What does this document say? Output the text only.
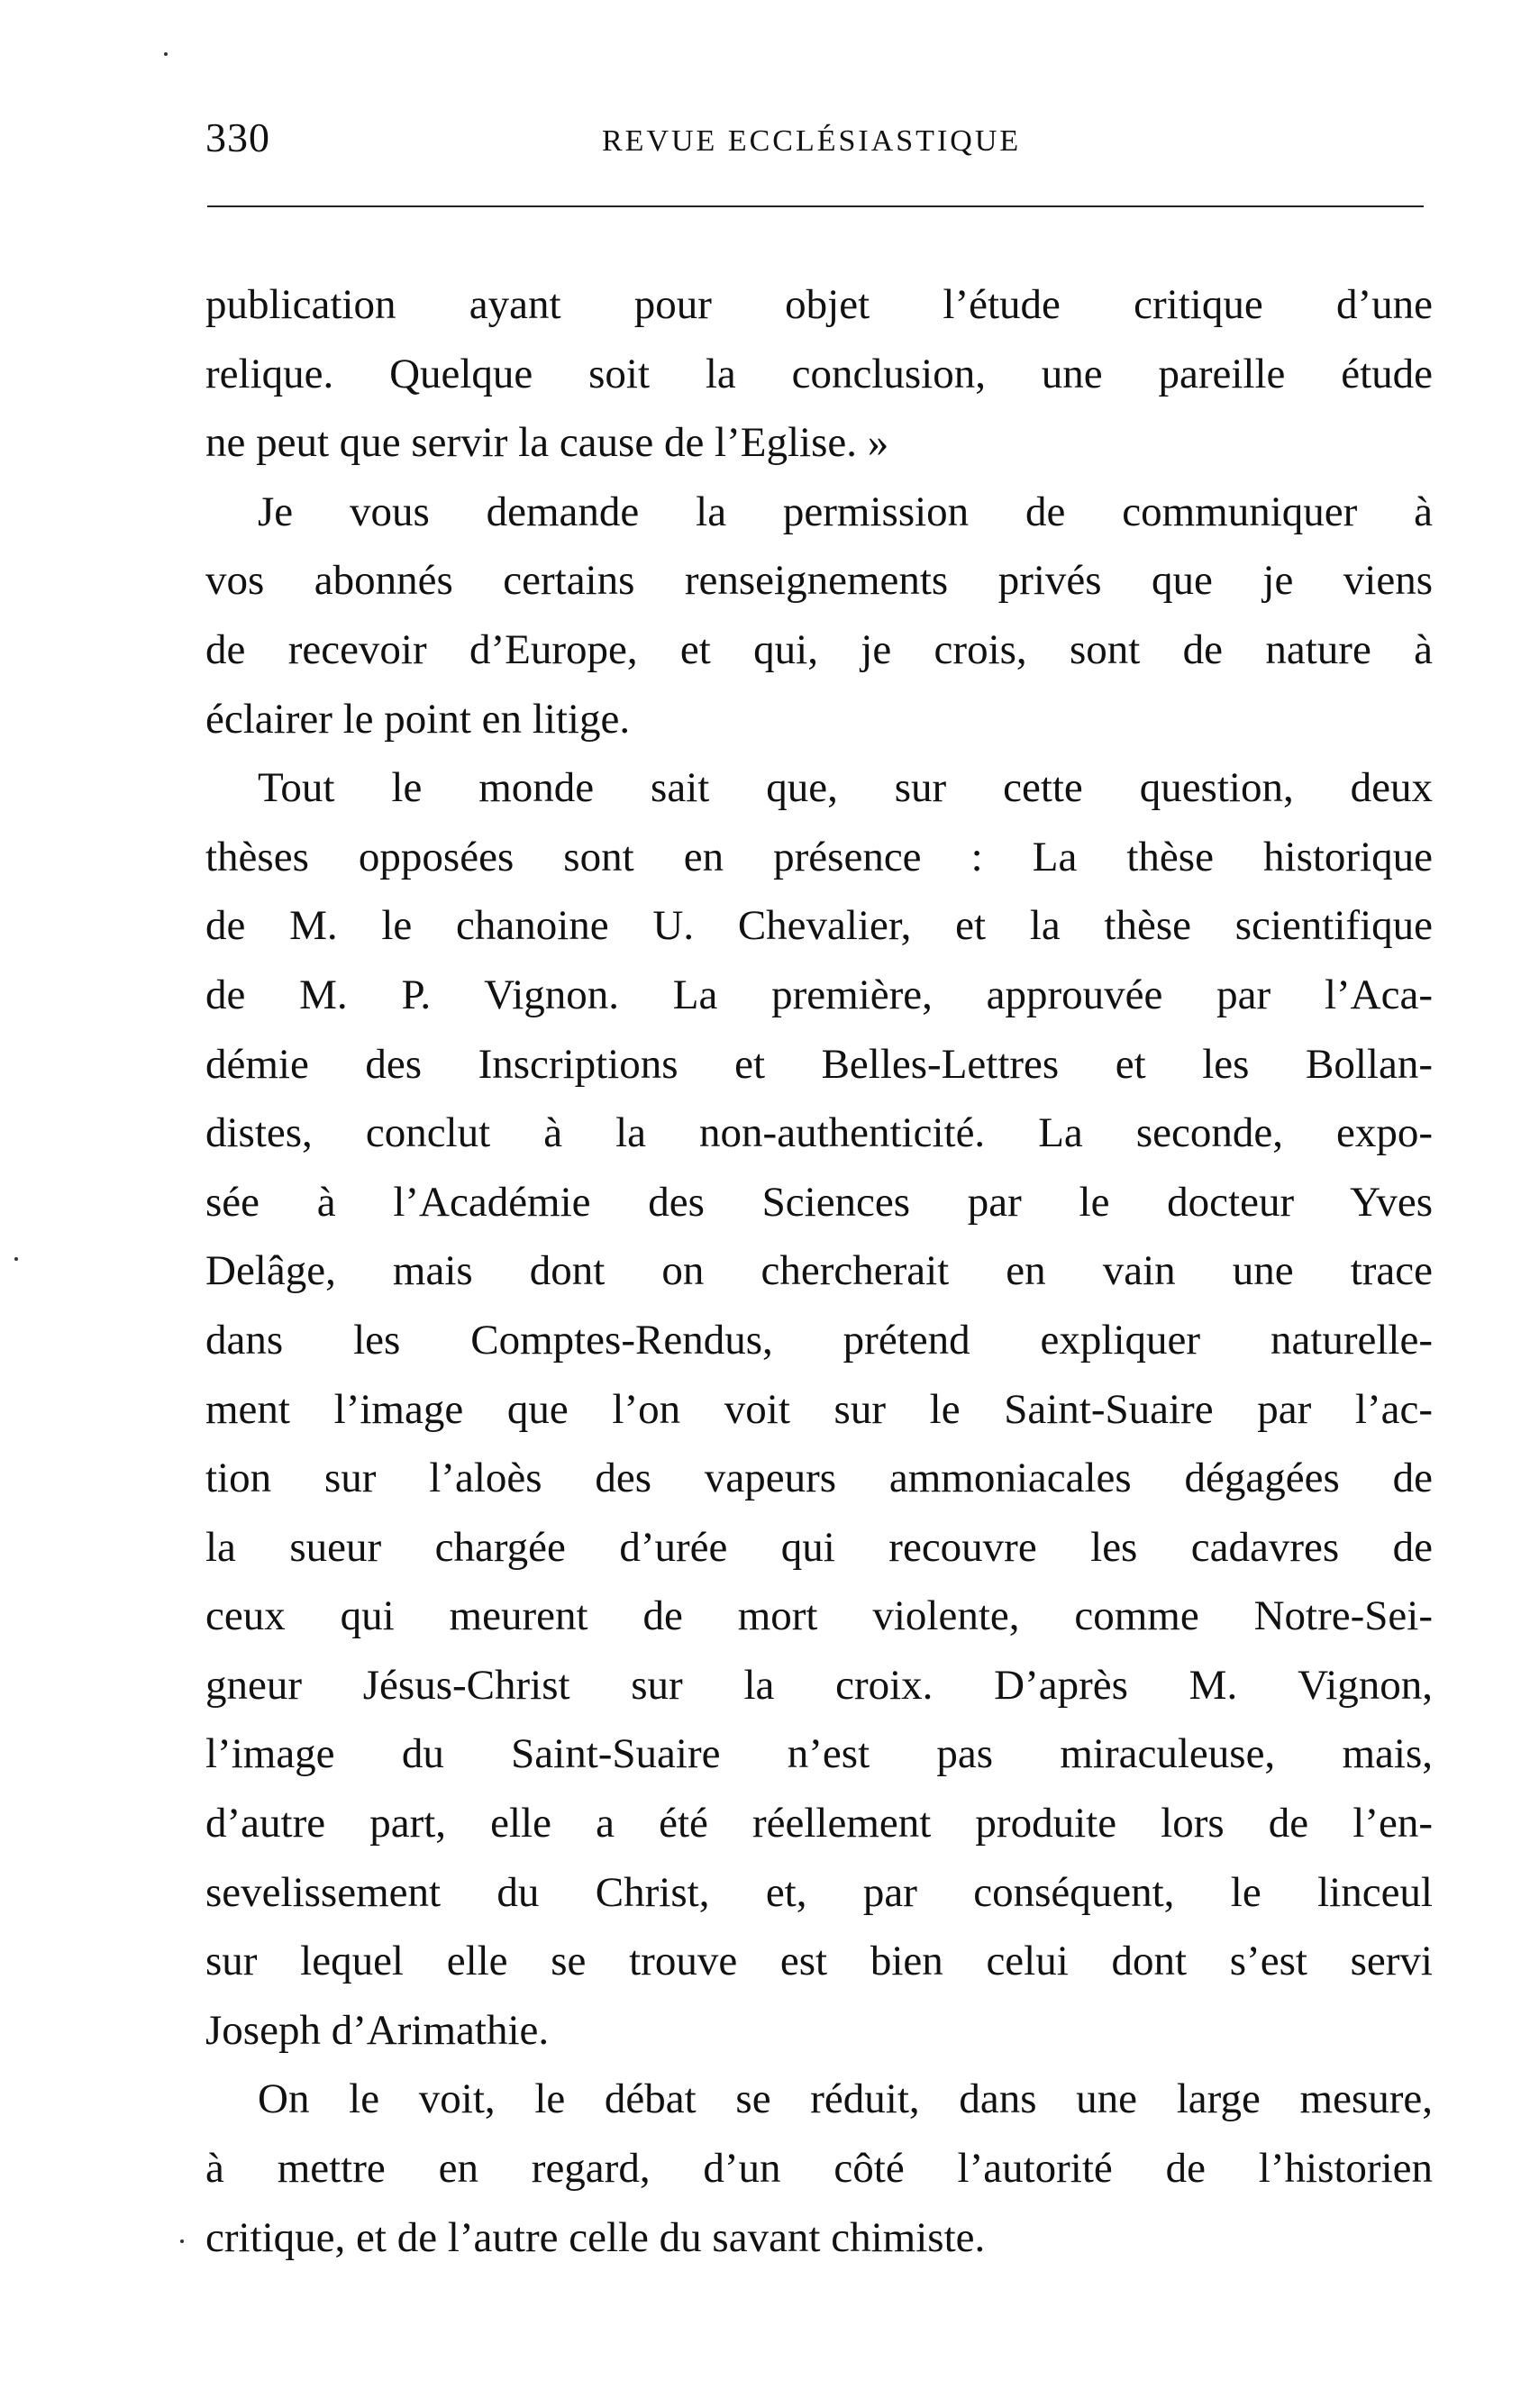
330	REVUE ECCLÉSIASTIQUE
publication ayant pour objet l’étude critique d’une
relique. Quelque soit la conclusion, une pareille étude
ne peut que servir la cause de l’Eglise. »
Je vous demande la permission de communiquer à
vos abonnés certains renseignements privés que je viens
de recevoir d’Europe, et qui, je crois, sont de nature à
éclairer le point en litige.
Tout le monde sait que, sur cette question, deux
thèses opposées sont en présence : La thèse historique
de M. le chanoine U. Chevalier, et la thèse scientifique
de M. P. Vignon. La première, approuvée par l’Aca-
démie des Inscriptions et Belles-Lettres et les Bollan-
distes, conclut à la non-authenticité. La seconde, expo-
sée à l’Académie des Sciences par le docteur Yves
Delâge, mais dont on chercherait en vain une trace
dans les Comptes-Rendus, prétend expliquer naturelle-
ment l’image que l’on voit sur le Saint-Suaire par l’ac-
tion sur l’aloès des vapeurs ammoniacales dégagées de
la sueur chargée d’urée qui recouvre les cadavres de
ceux qui meurent de mort violente, comme Notre-Sei-
gneur Jésus-Christ sur la croix. D’après M. Vignon,
l’image du Saint-Suaire n’est pas miraculeuse, mais,
d’autre part, elle a été réellement produite lors de l’en-
sevelissement du Christ, et, par conséquent, le linceul
sur lequel elle se trouve est bien celui dont s’est servi
Joseph d’Arimathie.
On le voit, le débat se réduit, dans une large mesure,
à mettre en regard, d’un côté l’autorité de l’historien
critique, et de l’autre celle du savant chimiste.
